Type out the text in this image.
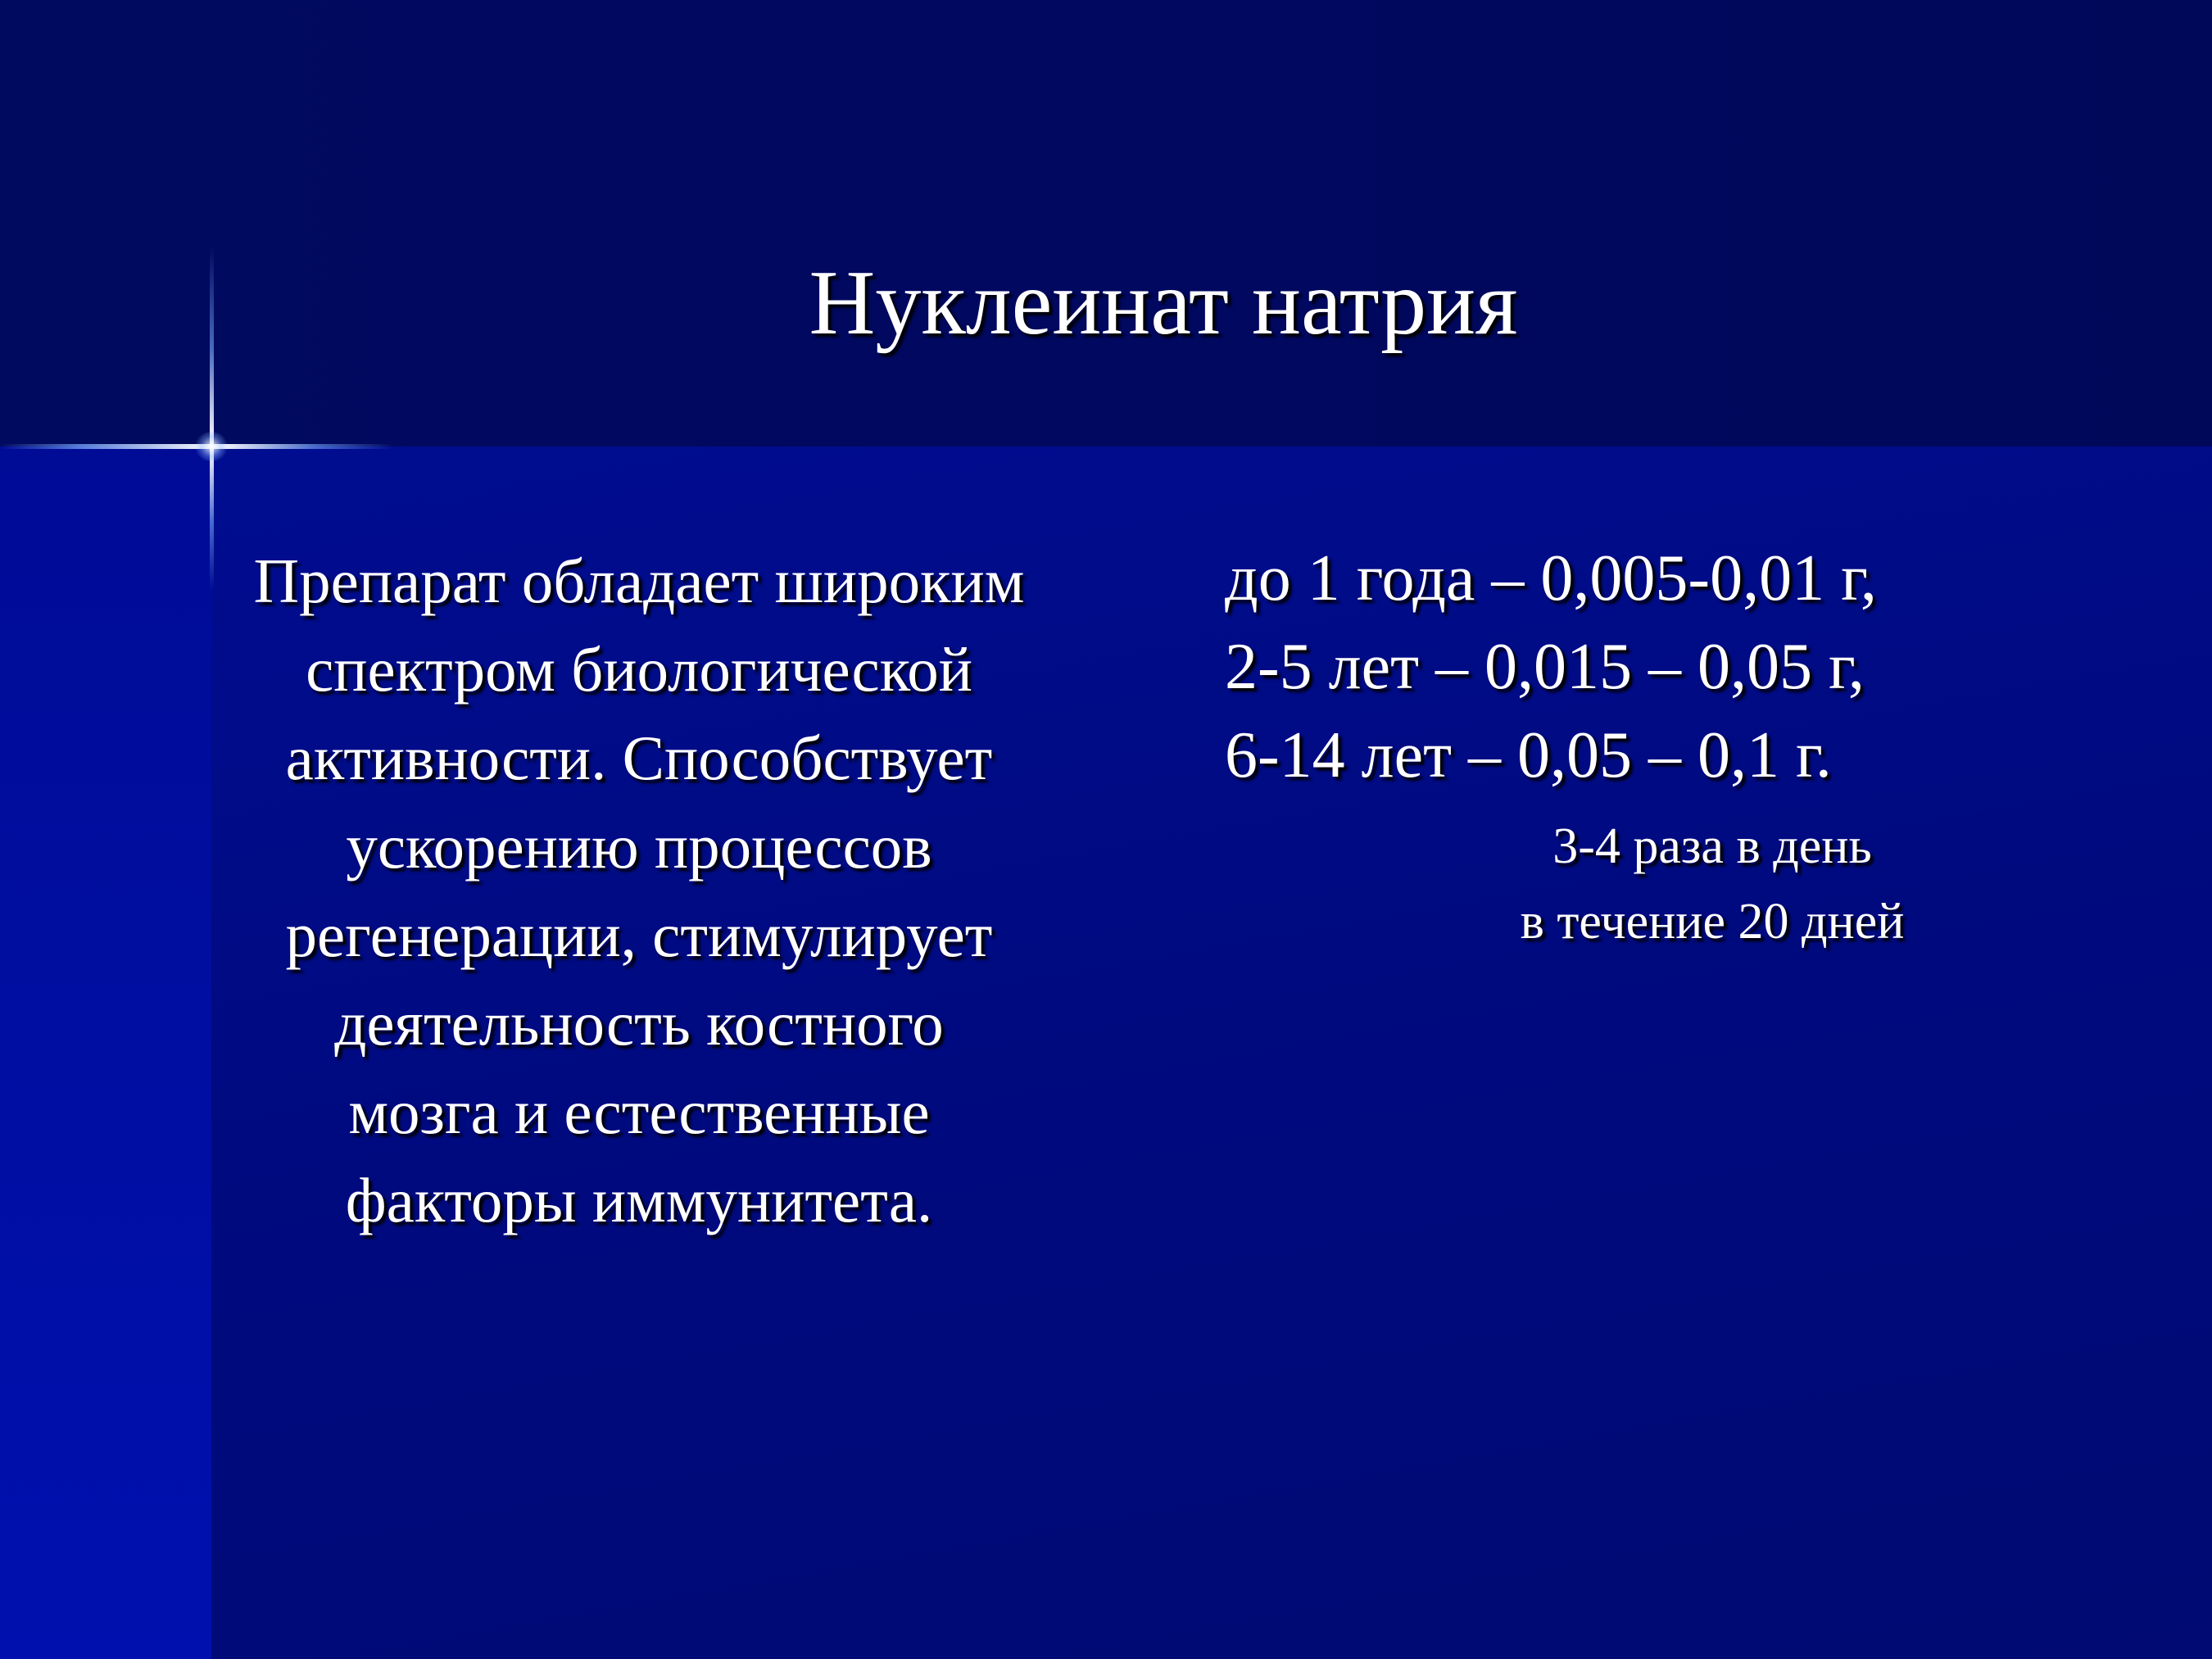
Нуклеинат натрия
Препарат обладает широким
спектром биологической
активности. Способствует
ускорению процессов
регенерации, стимулирует
деятельность костного
мозга и естественные
факторы иммунитета.
до 1 года – 0,005-0,01 г,
2-5 лет – 0,015 – 0,05 г,
6-14 лет – 0,05 – 0,1 г.
3-4 раза в день
в течение 20 дней
